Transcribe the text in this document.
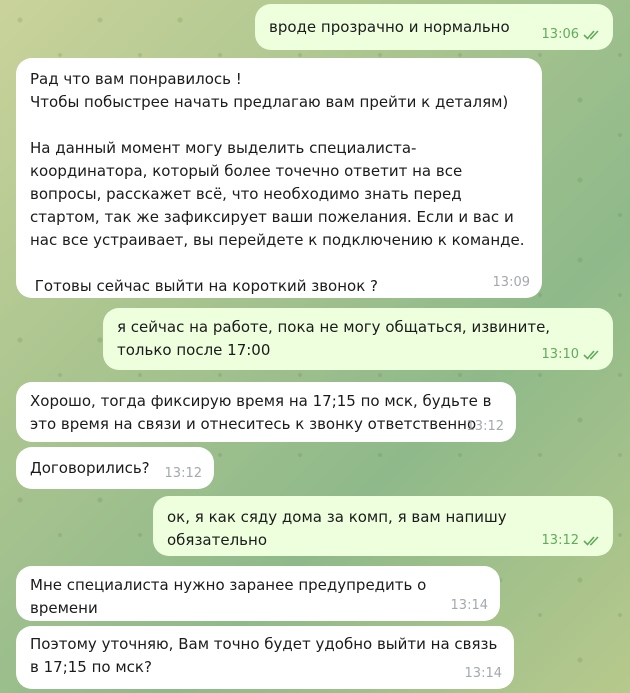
вроде прозрачно и нормально 13:06
Рад что вам понравилось !
Чтобы побыстрее начать предлагаю вам прейти к деталям)

На данный момент могу выделить специалиста-координатора, который более точечно ответит на все вопросы, расскажет всё, что необходимо знать перед стартом, так же зафиксирует ваши пожелания. Если и вас и нас все устраивает, вы перейдете к подключению к команде.

Готовы сейчас выйти на короткий звонок ?	13:09
я сейчас на работе, пока не могу общаться, извините, только после 17:00	13:10
Хорошо, тогда фиксирую время на 17;15 по мск, будьте в это время на связи и отнеситесь к звонку ответственно
13:12
Договорились? 13:12
ок, я как сяду дома за комп, я вам напишу обязательно	13:12
Мне специалиста нужно заранее предупредить о времени	13:14
Поэтому уточняю, Вам точно будет удобно выйти на связь в 17;15 по мск?	13:14
